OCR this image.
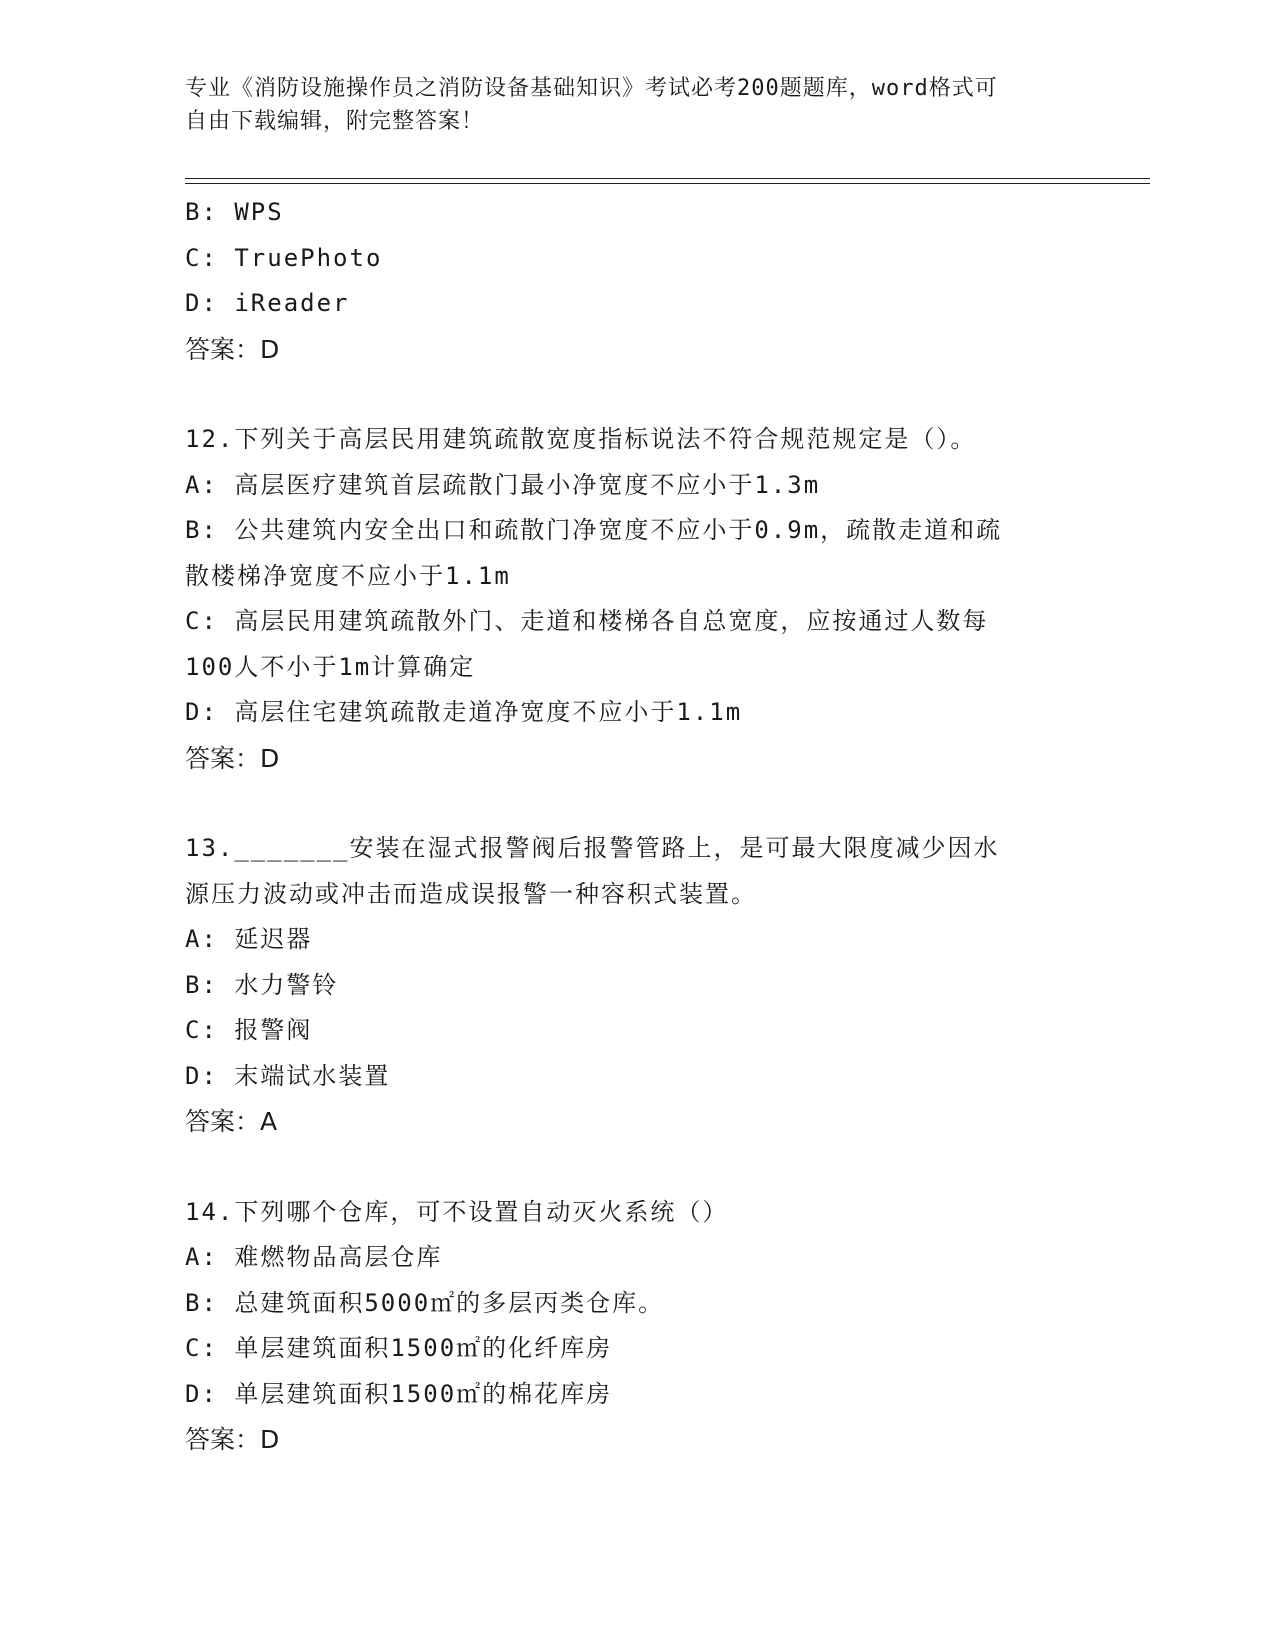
专业《消防设施操作员之消防设备基础知识》考试必考200题题库，word格式可
自由下载编辑，附完整答案！
B: WPS
C: TruePhoto
D: iReader
答案：D
12.下列关于高层民用建筑疏散宽度指标说法不符合规范规定是（）。
A: 高层医疗建筑首层疏散门最小净宽度不应小于1.3m
B: 公共建筑内安全出口和疏散门净宽度不应小于0.9m，疏散走道和疏
散楼梯净宽度不应小于1.1m
C: 高层民用建筑疏散外门、走道和楼梯各自总宽度，应按通过人数每
100人不小于1m计算确定
D: 高层住宅建筑疏散走道净宽度不应小于1.1m
答案：D
13._______安装在湿式报警阀后报警管路上，是可最大限度减少因水
源压力波动或冲击而造成误报警一种容积式装置。
A: 延迟器
B: 水力警铃
C: 报警阀
D: 末端试水装置
答案：A
14.下列哪个仓库，可不设置自动灭火系统（）
A: 难燃物品高层仓库
B: 总建筑面积5000㎡的多层丙类仓库。
C: 单层建筑面积1500㎡的化纤库房
D: 单层建筑面积1500㎡的棉花库房
答案：D
